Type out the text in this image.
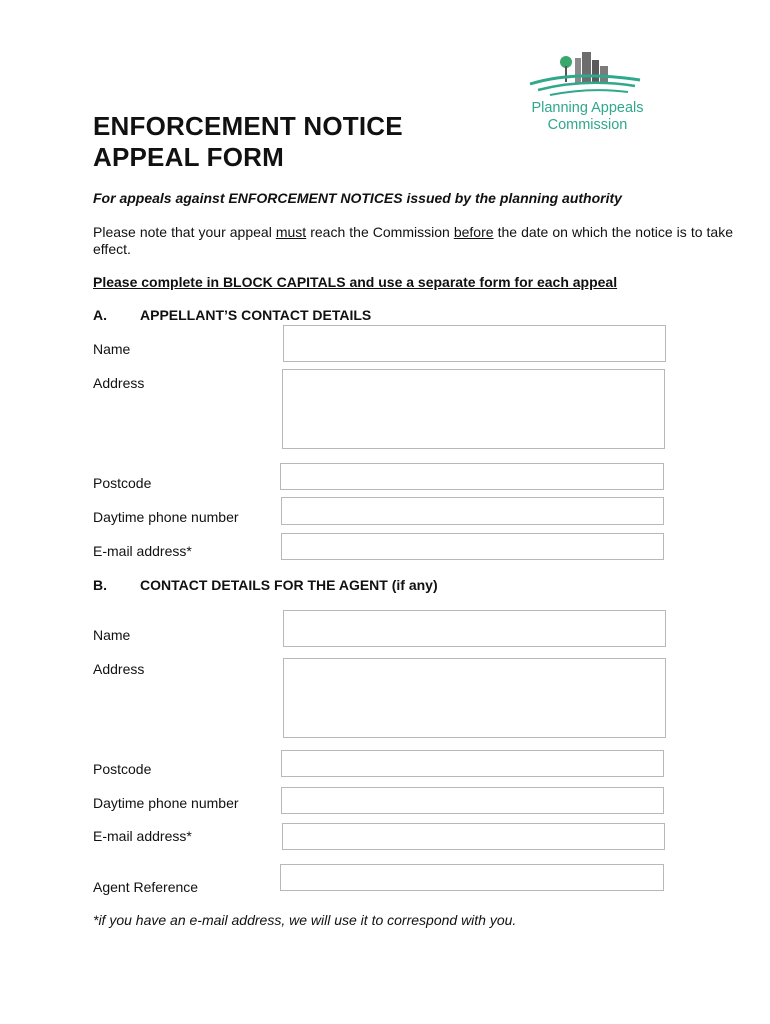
Planning Appeals
Commission
ENFORCEMENT NOTICE
APPEAL FORM
For appeals against ENFORCEMENT NOTICES issued by the planning authority
Please note that your appeal must reach the Commission before the date on which the notice is to take effect.
Please complete in BLOCK CAPITALS and use a separate form for each appeal
A. APPELLANT’S CONTACT DETAILS
Name
Address
Postcode
Daytime phone number
E-mail address*
B. CONTACT DETAILS FOR THE AGENT (if any)
Name
Address
Postcode
Daytime phone number
E-mail address*
Agent Reference
*if you have an e-mail address, we will use it to correspond with you.
